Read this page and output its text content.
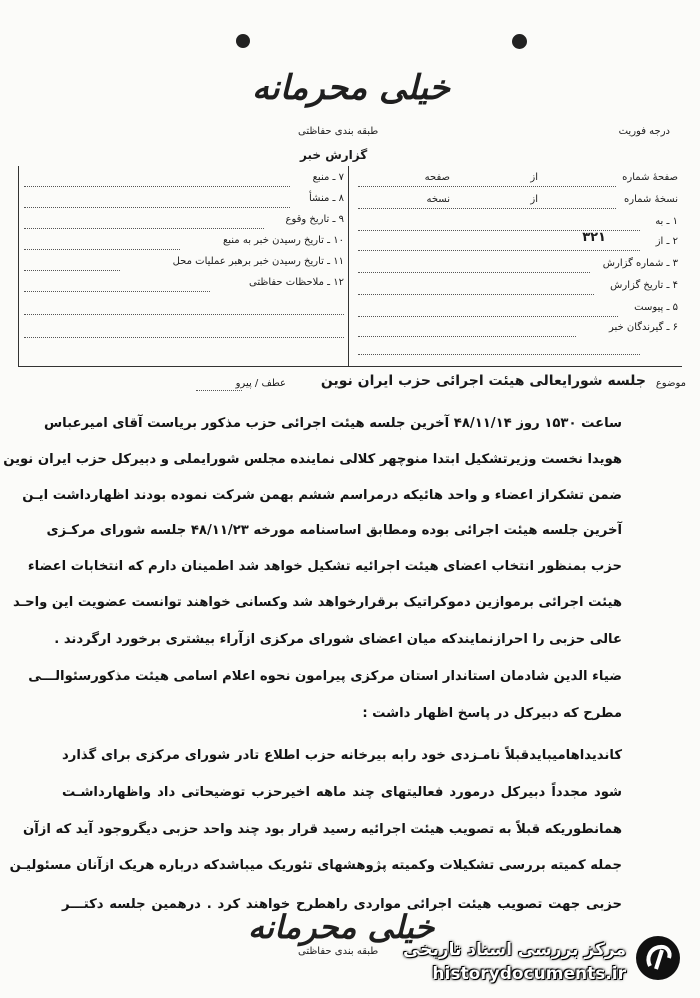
خیلی محرمانه
طبقه بندی حفاظتی	درجه فوریت
گزارش خبر
صفحهٔ شماره
از
صفحه
نسخهٔ شماره
از
نسخه
۱ ـ به
۲ ـ از
۳۲۱
۳ ـ شماره گزارش
۴ ـ تاریخ گزارش
۵ ـ پیوست
۶ ـ گیرندگان خبر
۷ ـ منبع
۸ ـ منشأ
۹ ـ تاریخ وقوع
۱۰ ـ تاریخ رسیدن خبر به منبع
۱۱ ـ تاریخ رسیدن خبر برهبر عملیات محل
۱۲ ـ ملاحظات حفاظتی
موضوع
جلسه شورایعالی هیئت اجرائی حزب ایران نوین
عطف / پیرو
ساعت ۱۵۳۰ روز ۴۸/۱۱/۱۴ آخرین جلسه هیئت اجرائی حزب مذکور بریاست آقای امیرعباس
هویدا نخست وزیرتشکیل ابتدا منوچهر کلالی نماینده مجلس شورایملی و دبیرکل حزب ایران نوین
ضمن تشکراز اعضاء و واحد هائیکه درمراسم ششم بهمن شرکت نموده بودند اظهارداشت ایـن
آخرین جلسه هیئت اجرائی بوده ومطابق اساسنامه مورخه ۴۸/۱۱/۲۳ جلسه شورای مرکـزی
حزب بمنظور انتخاب اعضای هیئت اجرائیه تشکیل خواهد شد اطمینان دارم که انتخابات اعضاء
هیئت اجرائی برموازین دموکراتیک برقرارخواهد شد وکسانی خواهند توانست عضویت این واحـد
عالی حزبی را احرازنمایندکه میان اعضای شورای مرکزی ازآراء بیشتری برخورد ارگردند .
ضیاء الدین شادمان استاندار استان مرکزی پیرامون نحوه اعلام اسامی هیئت مذکورسئوالـــی
مطرح که دبیرکل در پاسخ اظهار داشت :
کاندیداهامیبایدقبلاً نامـزدی خود رابه بیرخانه حزب اطلاع تادر شورای مرکزی برای گذارد
شود مجدداً دبیرکل درمورد فعالیتهای چند ماهه اخیرحزب توضیحاتی داد واظهارداشـت
همانطوریکه قبلاً به تصویب هیئت اجرائیه رسید قرار بود چند واحد حزبی دیگروجود آید که ازآن
جمله کمیته بررسی تشکیلات وکمیته پژوهشهای تئوریک میباشدکه درباره هریک ازآنان مسئولیـن
حزبی جهت تصویب هیئت اجرائی مواردی راهطرح خواهند کرد . درهمین جلسه دکتـــر
خیلی محرمانه
طبقه بندی حفاظتی مرکز بررسی اسناد تاریخی
historydocuments.ir
